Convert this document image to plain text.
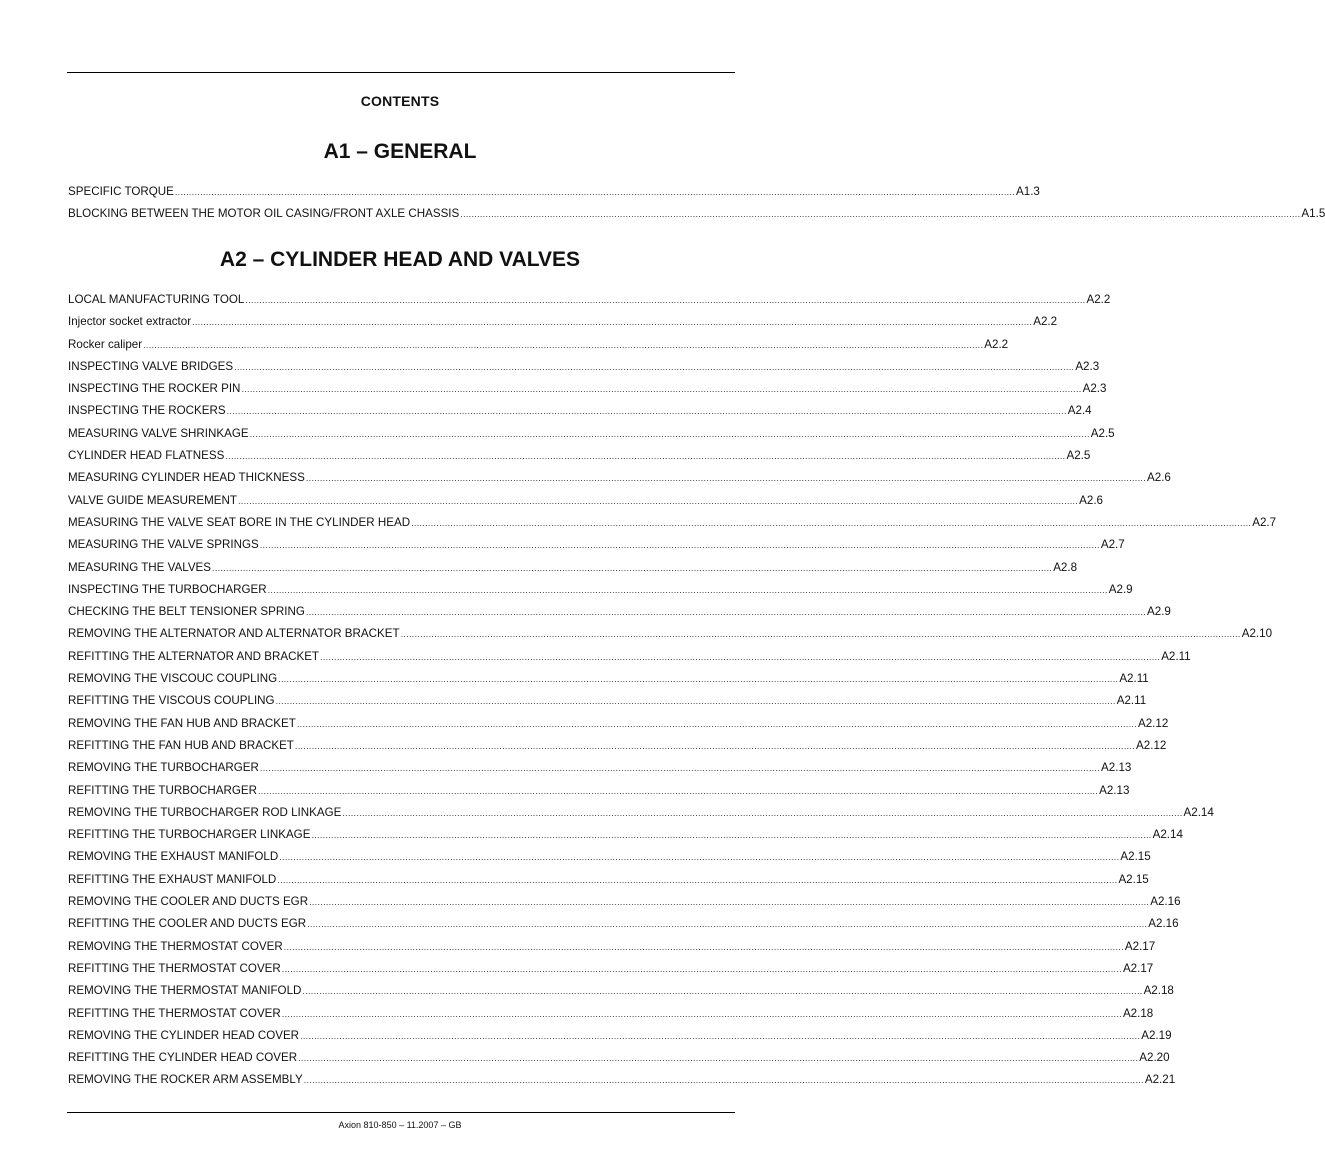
CONTENTS
A1 – GENERAL
SPECIFIC TORQUE ............................................................................................................................................................................................................................................................................................................ A1.3
BLOCKING BETWEEN THE MOTOR OIL CASING/FRONT AXLE CHASSIS ............................................................................................................................................................................................................................................................................................................ A1.5
A2 – CYLINDER HEAD AND VALVES
LOCAL MANUFACTURING TOOL ............................................................................................................................................................................................................................................................................................................ A2.2
Injector socket extractor ............................................................................................................................................................................................................................................................................................................ A2.2
Rocker caliper ............................................................................................................................................................................................................................................................................................................ A2.2
INSPECTING VALVE BRIDGES ............................................................................................................................................................................................................................................................................................................ A2.3
INSPECTING THE ROCKER PIN ............................................................................................................................................................................................................................................................................................................ A2.3
INSPECTING THE ROCKERS ............................................................................................................................................................................................................................................................................................................ A2.4
MEASURING VALVE SHRINKAGE ............................................................................................................................................................................................................................................................................................................ A2.5
CYLINDER HEAD FLATNESS ............................................................................................................................................................................................................................................................................................................ A2.5
MEASURING CYLINDER HEAD THICKNESS ............................................................................................................................................................................................................................................................................................................ A2.6
VALVE GUIDE MEASUREMENT ............................................................................................................................................................................................................................................................................................................ A2.6
MEASURING THE VALVE SEAT BORE IN THE CYLINDER HEAD ............................................................................................................................................................................................................................................................................................................ A2.7
MEASURING THE VALVE SPRINGS ............................................................................................................................................................................................................................................................................................................ A2.7
MEASURING THE VALVES ............................................................................................................................................................................................................................................................................................................ A2.8
INSPECTING THE TURBOCHARGER ............................................................................................................................................................................................................................................................................................................ A2.9
CHECKING THE BELT TENSIONER SPRING ............................................................................................................................................................................................................................................................................................................ A2.9
REMOVING THE ALTERNATOR AND ALTERNATOR BRACKET ............................................................................................................................................................................................................................................................................................................ A2.10
REFITTING THE ALTERNATOR AND BRACKET ............................................................................................................................................................................................................................................................................................................ A2.11
REMOVING THE VISCOUC COUPLING ............................................................................................................................................................................................................................................................................................................ A2.11
REFITTING THE VISCOUS COUPLING ............................................................................................................................................................................................................................................................................................................ A2.11
REMOVING THE FAN HUB AND BRACKET ............................................................................................................................................................................................................................................................................................................ A2.12
REFITTING THE FAN HUB AND BRACKET ............................................................................................................................................................................................................................................................................................................ A2.12
REMOVING THE TURBOCHARGER ............................................................................................................................................................................................................................................................................................................ A2.13
REFITTING THE TURBOCHARGER ............................................................................................................................................................................................................................................................................................................ A2.13
REMOVING THE TURBOCHARGER ROD LINKAGE ............................................................................................................................................................................................................................................................................................................ A2.14
REFITTING THE TURBOCHARGER LINKAGE ............................................................................................................................................................................................................................................................................................................ A2.14
REMOVING THE EXHAUST MANIFOLD ............................................................................................................................................................................................................................................................................................................ A2.15
REFITTING THE EXHAUST MANIFOLD ............................................................................................................................................................................................................................................................................................................ A2.15
REMOVING THE COOLER AND DUCTS EGR ............................................................................................................................................................................................................................................................................................................ A2.16
REFITTING THE COOLER AND DUCTS EGR ............................................................................................................................................................................................................................................................................................................ A2.16
REMOVING THE THERMOSTAT COVER ............................................................................................................................................................................................................................................................................................................ A2.17
REFITTING THE THERMOSTAT COVER ............................................................................................................................................................................................................................................................................................................ A2.17
REMOVING THE THERMOSTAT MANIFOLD ............................................................................................................................................................................................................................................................................................................ A2.18
REFITTING THE THERMOSTAT COVER ............................................................................................................................................................................................................................................................................................................ A2.18
REMOVING THE CYLINDER HEAD COVER ............................................................................................................................................................................................................................................................................................................ A2.19
REFITTING THE CYLINDER HEAD COVER ............................................................................................................................................................................................................................................................................................................ A2.20
REMOVING THE ROCKER ARM ASSEMBLY ............................................................................................................................................................................................................................................................................................................ A2.21
Axion 810-850 – 11.2007 – GB
